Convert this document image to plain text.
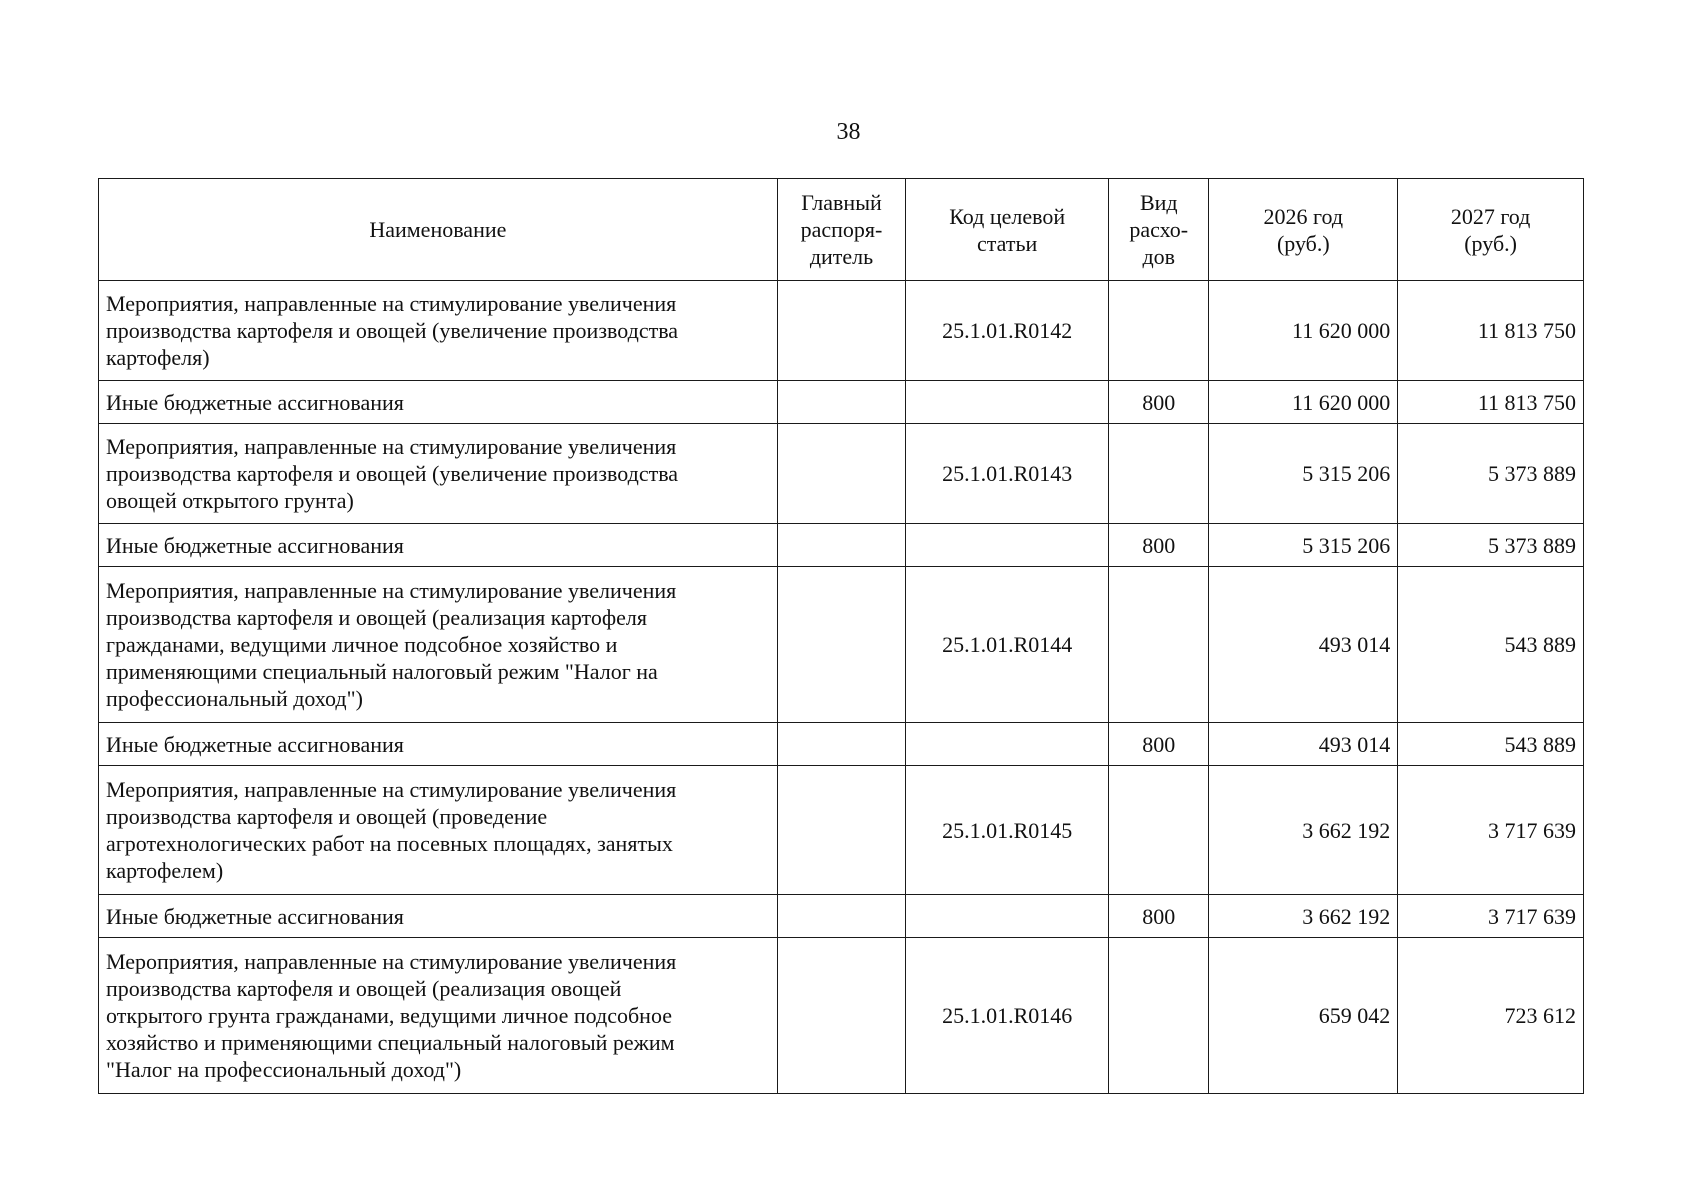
38
Наименование	Главный
распоря-
дитель	Код целевой
статьи	Вид
расхо-
дов	2026 год
(руб.)	2027 год
(руб.)
Мероприятия, направленные на стимулирование увеличения
производства картофеля и овощей (увеличение производства
картофеля)		25.1.01.R0142		11 620 000	11 813 750
Иные бюджетные ассигнования			800	11 620 000	11 813 750
Мероприятия, направленные на стимулирование увеличения
производства картофеля и овощей (увеличение производства
овощей открытого грунта)		25.1.01.R0143		5 315 206	5 373 889
Иные бюджетные ассигнования			800	5 315 206	5 373 889
Мероприятия, направленные на стимулирование увеличения
производства картофеля и овощей (реализация картофеля
гражданами, ведущими личное подсобное хозяйство и
применяющими специальный налоговый режим "Налог на
профессиональный доход")		25.1.01.R0144		493 014	543 889
Иные бюджетные ассигнования			800	493 014	543 889
Мероприятия, направленные на стимулирование увеличения
производства картофеля и овощей (проведение
агротехнологических работ на посевных площадях, занятых
картофелем)		25.1.01.R0145		3 662 192	3 717 639
Иные бюджетные ассигнования			800	3 662 192	3 717 639
Мероприятия, направленные на стимулирование увеличения
производства картофеля и овощей (реализация овощей
открытого грунта гражданами, ведущими личное подсобное
хозяйство и применяющими специальный налоговый режим
"Налог на профессиональный доход")		25.1.01.R0146		659 042	723 612
